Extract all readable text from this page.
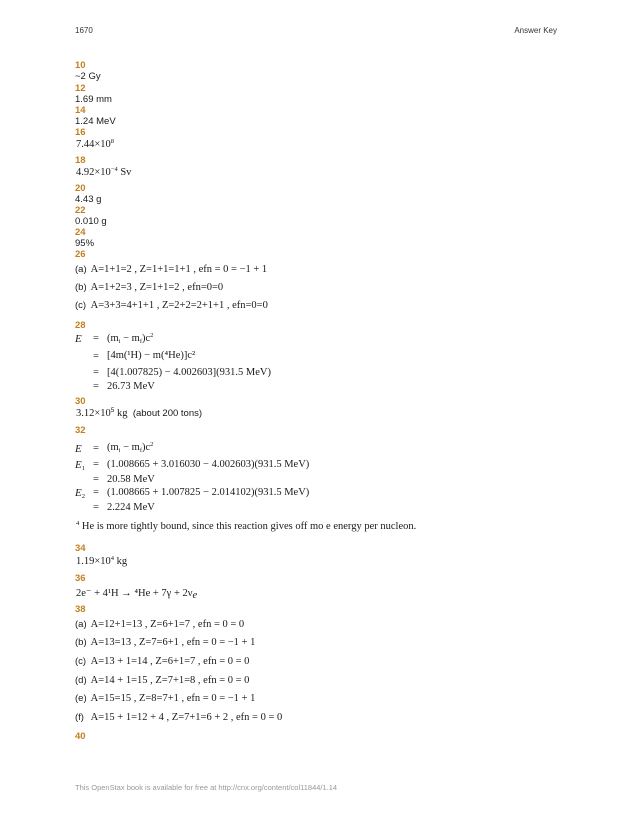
1670	Answer Key
10
~2 Gy
12
1.69 mm
14
1.24 MeV
16
$7.44\times 10^8$
18
$4.92\times 10^{-4}$ Sv
20
4.43 g
22
0.010 g
24
95%
26
(a) A=1+1=2 , Z=1+1=1+1 , efn = 0 = −1 + 1
(b) A=1+2=3 , Z=1+1=2 , efn=0=0
(c) A=3+3=4+1+1 , Z=2+2=2+1+1 , efn=0=0
28
$E = (m_i - m_f)c^2$
= [4m(¹H) − m(⁴He)]c²
= [4(1.007825) − 4.002603](931.5 MeV)
= 26.73 MeV
30
$3.12\times 10^5$ kg (about 200 tons)
32
$E = (m_i - m_f)c^2$
$E_1 = (1.008665 + 3.016030 - 4.002603)(931.5$ MeV)
= 20.58 MeV
$E_2 = (1.008665 + 1.007825 - 2.014102)(931.5$ MeV)
= 2.224 MeV
$^4$ He is more tightly bound, since this reaction gives off mo e energy per nucleon.
34
$1.19\times 10^4$ kg
36
$2e^- + 4^1H \to ^4He + 7\gamma + 2\nu_e$
38
(a) A=12+1=13 , Z=6+1=7 , efn = 0 = 0
(b) A=13=13 , Z=7=6+1 , efn = 0 = −1 + 1
(c) A=13 + 1=14 , Z=6+1=7 , efn = 0 = 0
(d) A=14 + 1=15 , Z=7+1=8 , efn = 0 = 0
(e) A=15=15 , Z=8=7+1 , efn = 0 = −1 + 1
(f) A=15 + 1=12 + 4 , Z=7+1=6 + 2 , efn = 0 = 0
40
This OpenStax book is available for free at http://cnx.org/content/col11844/1.14
